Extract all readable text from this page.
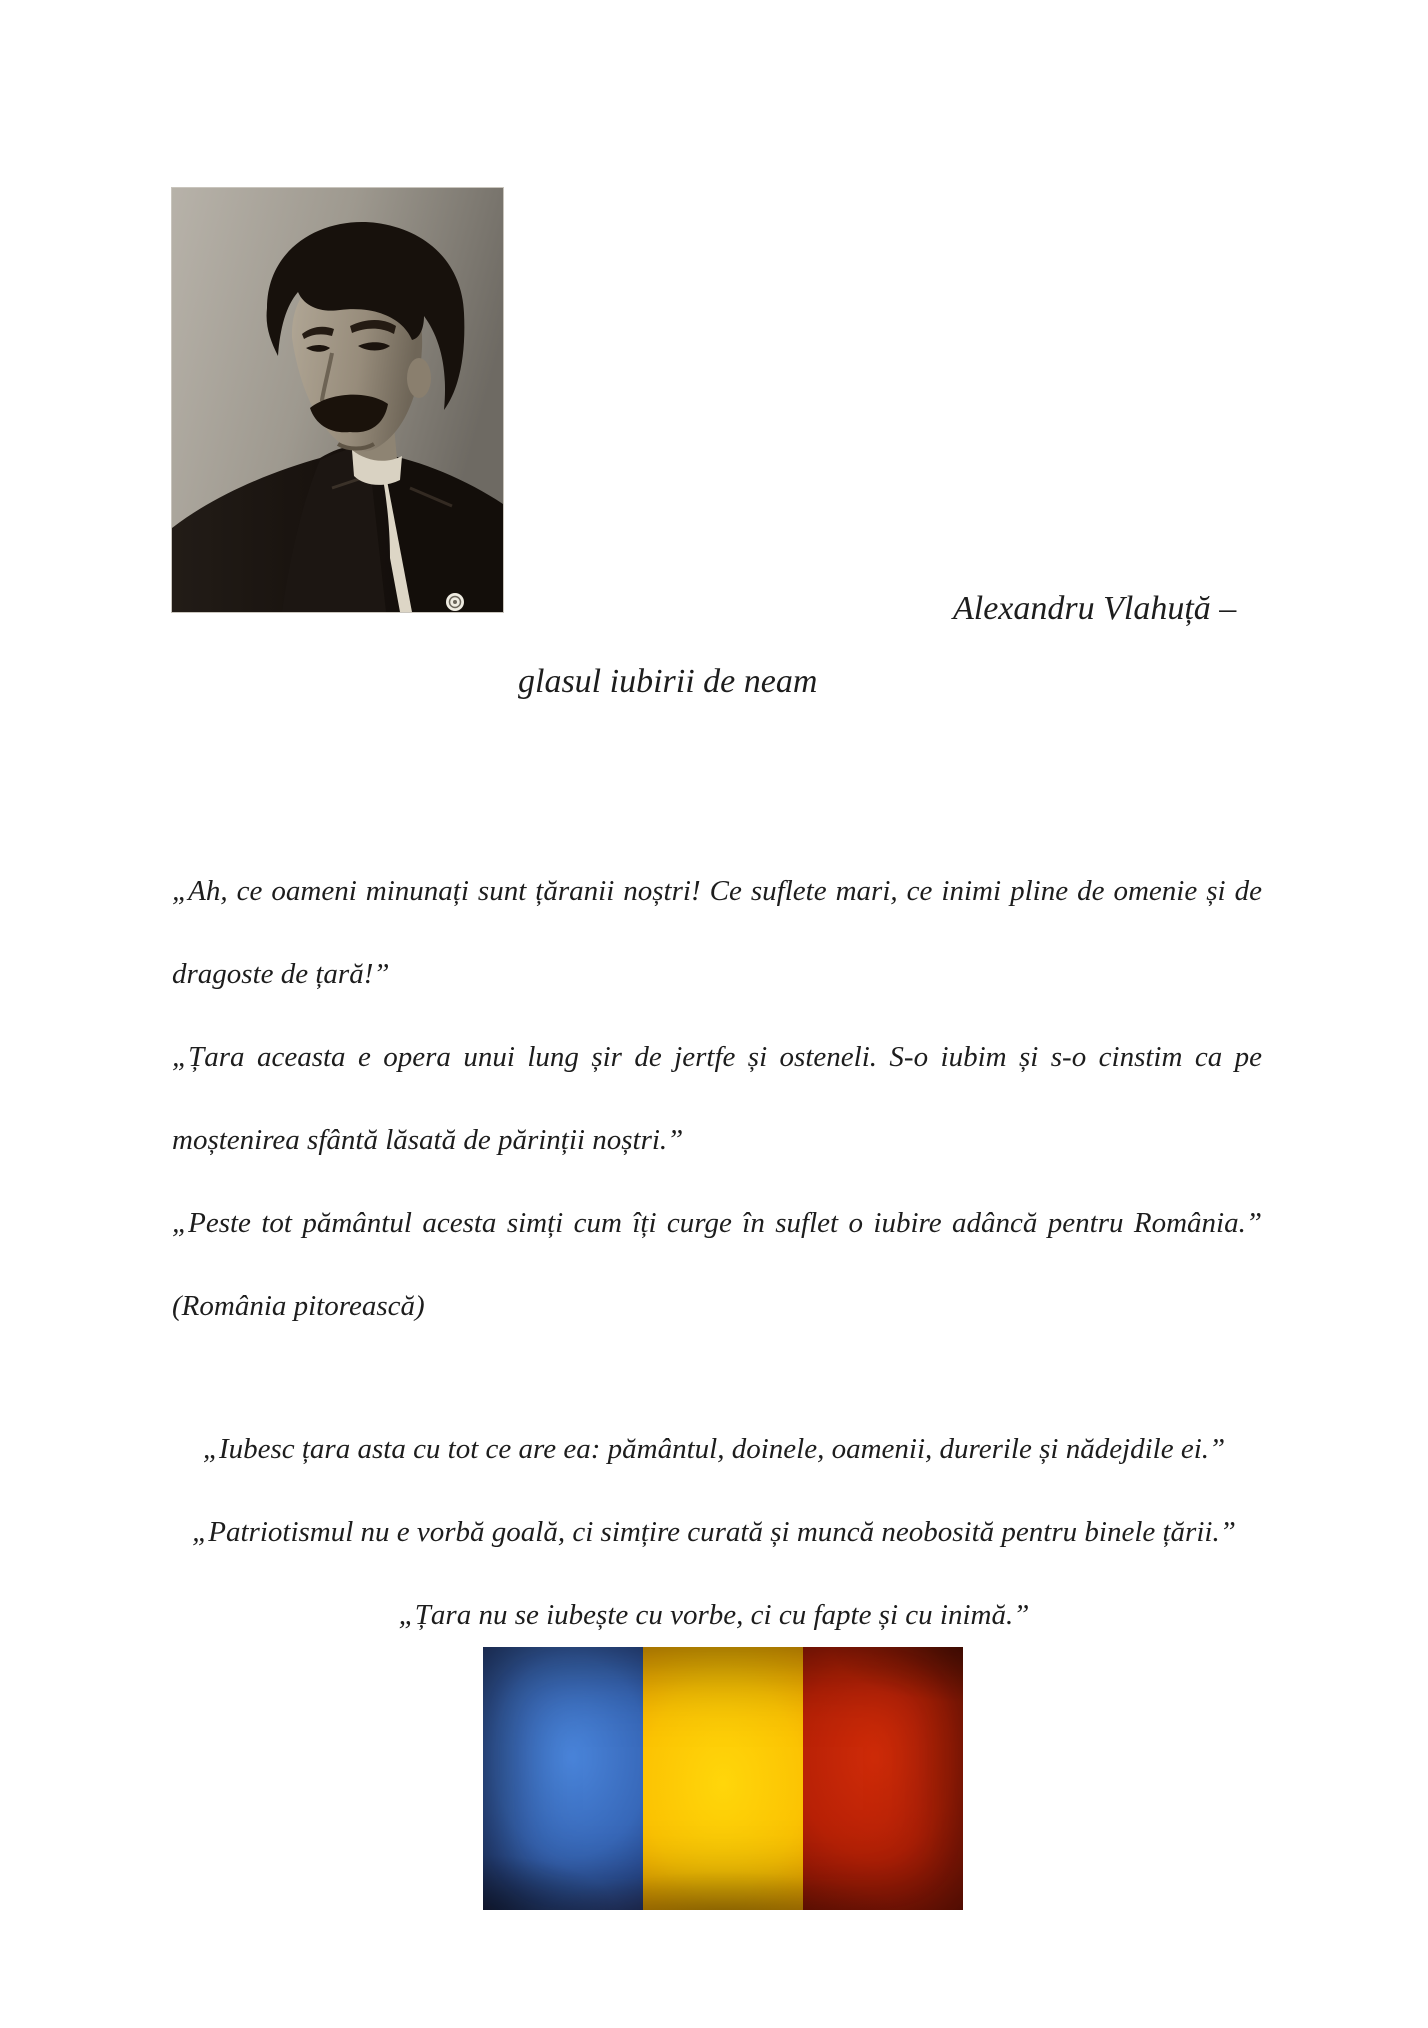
Alexandru Vlahuță –
glasul iubirii de neam

„Ah, ce oameni minunați sunt țăranii noștri! Ce suflete mari, ce inimi pline de omenie și de dragoste de țară!”

„Țara aceasta e opera unui lung șir de jertfe și osteneli. S-o iubim și s-o cinstim ca pe moștenirea sfântă lăsată de părinții noștri.”

„Peste tot pământul acesta simți cum îți curge în suflet o iubire adâncă pentru România.” (România pitorească)

„Iubesc țara asta cu tot ce are ea: pământul, doinele, oamenii, durerile și nădejdile ei.”

„Patriotismul nu e vorbă goală, ci simțire curată și muncă neobosită pentru binele țării.”

„Țara nu se iubește cu vorbe, ci cu fapte și cu inimă.”
